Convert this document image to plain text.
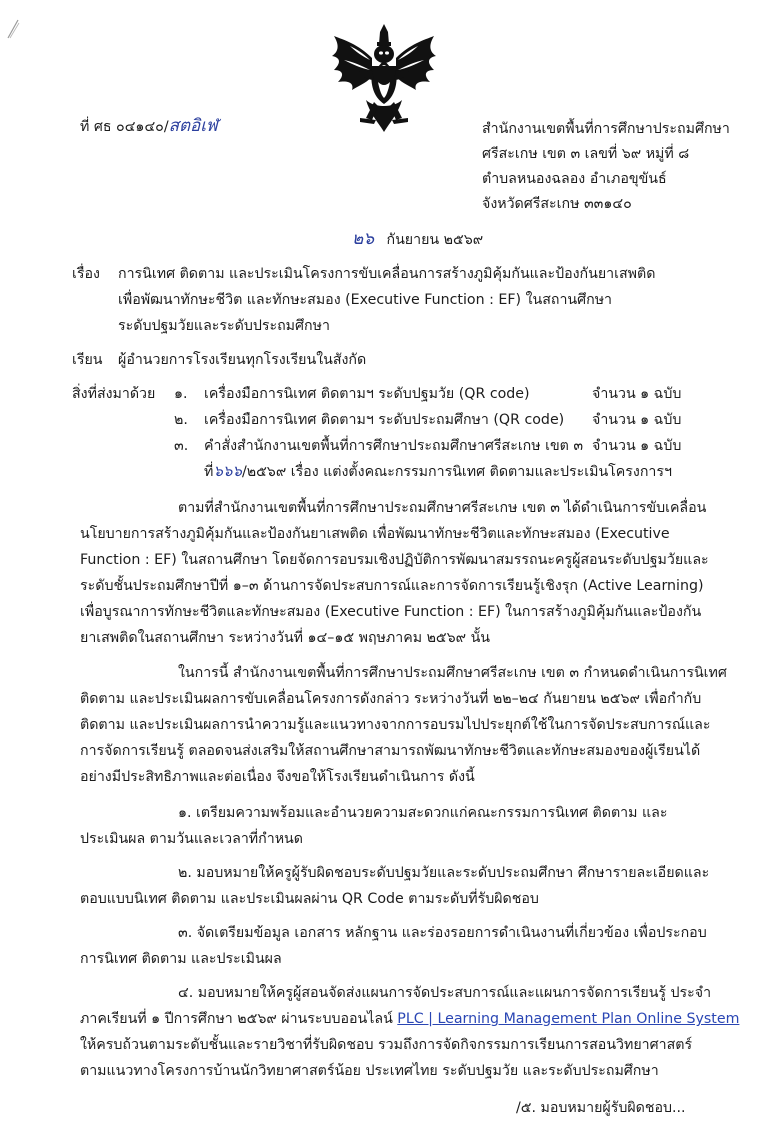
ที่ ศธ ๐๔๑๔๐/สตอิเฬ	สำนักงานเขตพื้นที่การศึกษาประถมศึกษา
ศรีสะเกษ เขต ๓ เลขที่ ๖๙ หมู่ที่ ๘
ตำบลหนองฉลอง อำเภอขุขันธ์
จังหวัดศรีสะเกษ ๓๓๑๔๐
๒๖ กันยายน ๒๕๖๙
เรื่อง การนิเทศ ติดตาม และประเมินโครงการขับเคลื่อนการสร้างภูมิคุ้มกันและป้องกันยาเสพติด
เพื่อพัฒนาทักษะชีวิต และทักษะสมอง (Executive Function : EF) ในสถานศึกษา
ระดับปฐมวัยและระดับประถมศึกษา
เรียน ผู้อำนวยการโรงเรียนทุกโรงเรียนในสังกัด
สิ่งที่ส่งมาด้วย ๑. เครื่องมือการนิเทศ ติดตามฯ ระดับปฐมวัย (QR code)	จำนวน ๑ ฉบับ
๒. เครื่องมือการนิเทศ ติดตามฯ ระดับประถมศึกษา (QR code) จำนวน ๑ ฉบับ
๓. คำสั่งสำนักงานเขตพื้นที่การศึกษาประถมศึกษาศรีสะเกษ เขต ๓ จำนวน ๑ ฉบับ
ที่๖๖๖/๒๕๖๙ เรื่อง แต่งตั้งคณะกรรมการนิเทศ ติดตามและประเมินโครงการฯ
ตามที่สำนักงานเขตพื้นที่การศึกษาประถมศึกษาศรีสะเกษ เขต ๓ ได้ดำเนินการขับเคลื่อน
นโยบายการสร้างภูมิคุ้มกันและป้องกันยาเสพติด เพื่อพัฒนาทักษะชีวิตและทักษะสมอง (Executive
Function : EF) ในสถานศึกษา โดยจัดการอบรมเชิงปฏิบัติการพัฒนาสมรรถนะครูผู้สอนระดับปฐมวัยและ
ระดับชั้นประถมศึกษาปีที่ ๑–๓ ด้านการจัดประสบการณ์และการจัดการเรียนรู้เชิงรุก (Active Learning)
เพื่อบูรณาการทักษะชีวิตและทักษะสมอง (Executive Function : EF) ในการสร้างภูมิคุ้มกันและป้องกัน
ยาเสพติดในสถานศึกษา ระหว่างวันที่ ๑๔–๑๕ พฤษภาคม ๒๕๖๙ นั้น
ในการนี้ สำนักงานเขตพื้นที่การศึกษาประถมศึกษาศรีสะเกษ เขต ๓ กำหนดดำเนินการนิเทศ
ติดตาม และประเมินผลการขับเคลื่อนโครงการดังกล่าว ระหว่างวันที่ ๒๒–๒๔ กันยายน ๒๕๖๙ เพื่อกำกับ
ติดตาม และประเมินผลการนำความรู้และแนวทางจากการอบรมไปประยุกต์ใช้ในการจัดประสบการณ์และ
การจัดการเรียนรู้ ตลอดจนส่งเสริมให้สถานศึกษาสามารถพัฒนาทักษะชีวิตและทักษะสมองของผู้เรียนได้
อย่างมีประสิทธิภาพและต่อเนื่อง จึงขอให้โรงเรียนดำเนินการ ดังนี้
๑. เตรียมความพร้อมและอำนวยความสะดวกแก่คณะกรรมการนิเทศ ติดตาม และ
ประเมินผล ตามวันและเวลาที่กำหนด
๒. มอบหมายให้ครูผู้รับผิดชอบระดับปฐมวัยและระดับประถมศึกษา ศึกษารายละเอียดและ
ตอบแบบนิเทศ ติดตาม และประเมินผลผ่าน QR Code ตามระดับที่รับผิดชอบ
๓. จัดเตรียมข้อมูล เอกสาร หลักฐาน และร่องรอยการดำเนินงานที่เกี่ยวข้อง เพื่อประกอบ
การนิเทศ ติดตาม และประเมินผล
๔. มอบหมายให้ครูผู้สอนจัดส่งแผนการจัดประสบการณ์และแผนการจัดการเรียนรู้ ประจำ
ภาคเรียนที่ ๑ ปีการศึกษา ๒๕๖๙ ผ่านระบบออนไลน์ PLC | Learning Management Plan Online System
ให้ครบถ้วนตามระดับชั้นและรายวิชาที่รับผิดชอบ รวมถึงการจัดกิจกรรมการเรียนการสอนวิทยาศาสตร์
ตามแนวทางโครงการบ้านนักวิทยาศาสตร์น้อย ประเทศไทย ระดับปฐมวัย และระดับประถมศึกษา
/๕. มอบหมายผู้รับผิดชอบ...
